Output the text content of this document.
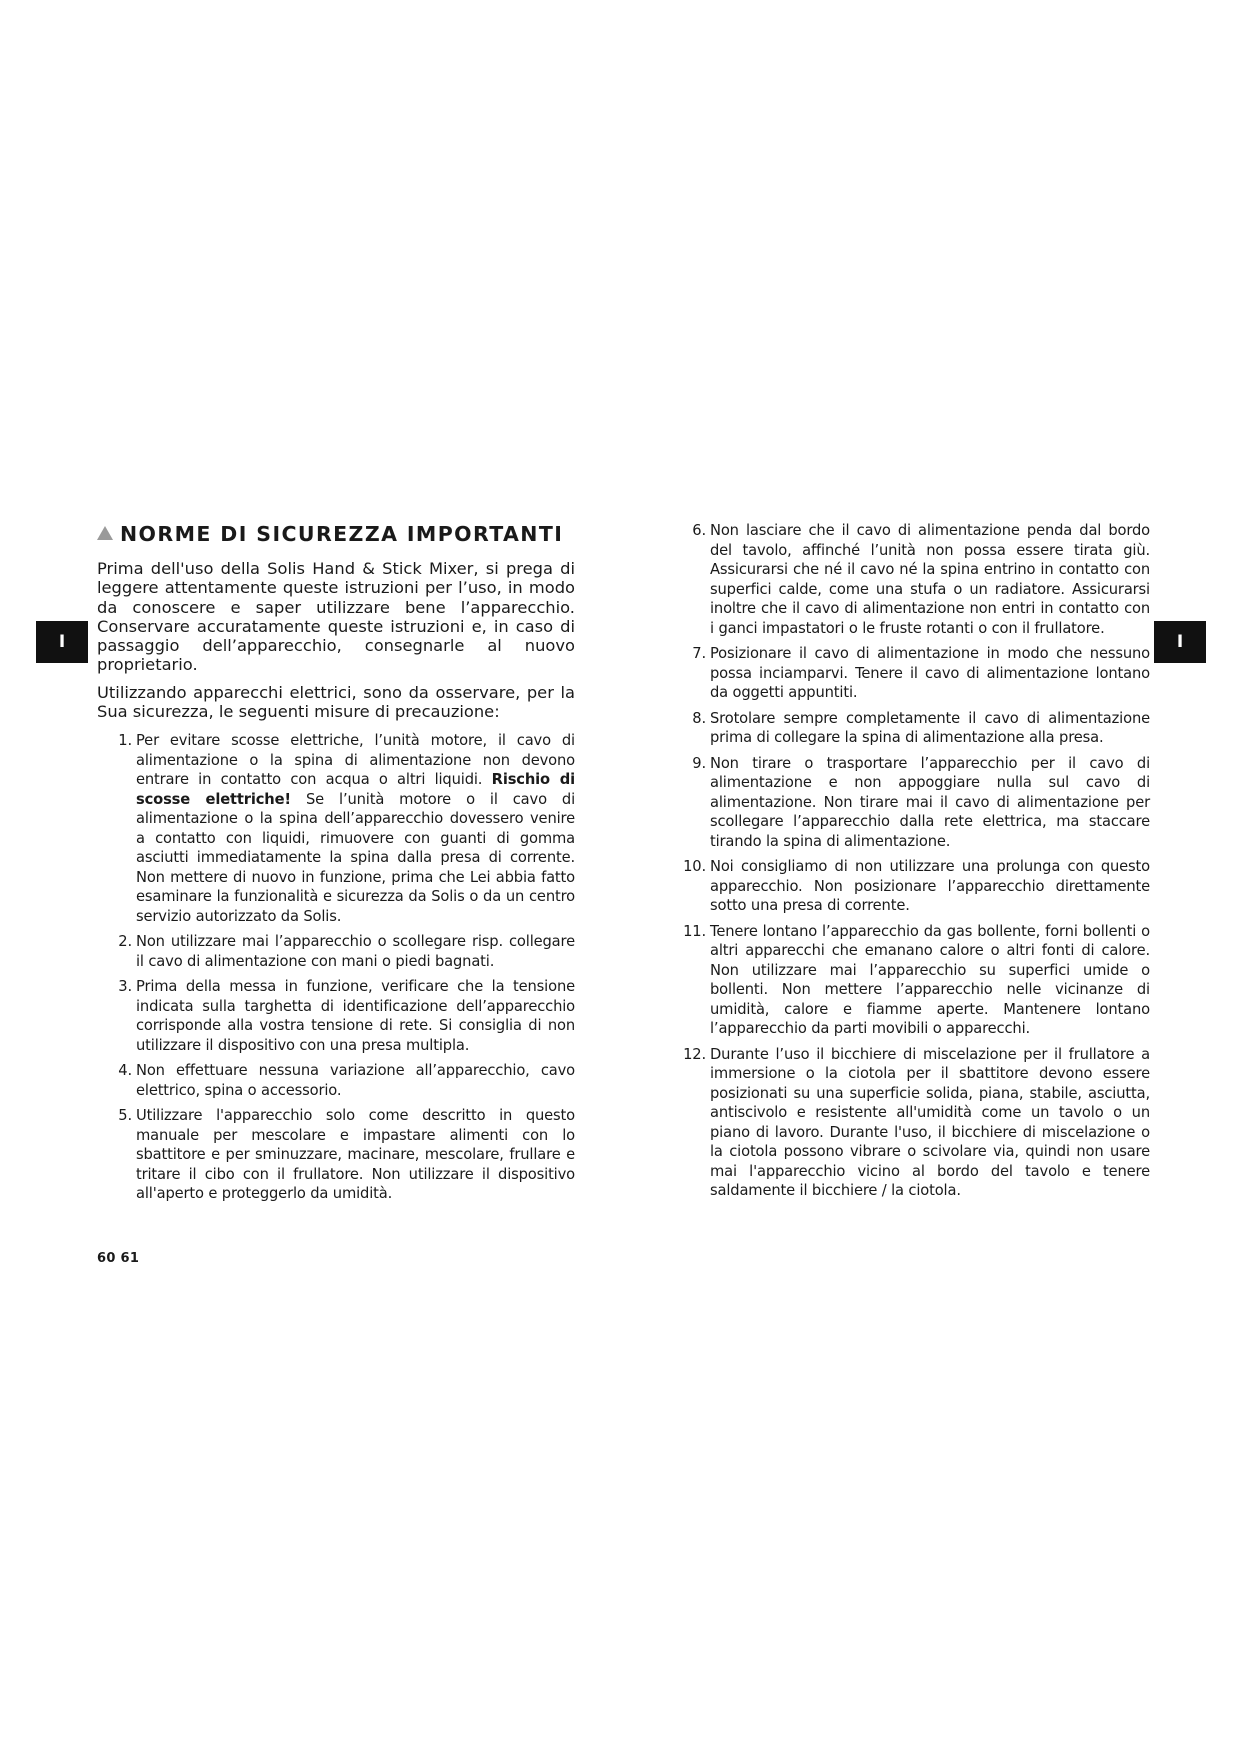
I	I
NORME DI SICUREZZA IMPORTANTI

Prima dell'uso della Solis Hand & Stick Mixer, si prega di leggere attentamente queste istruzioni per l’uso, in modo da conoscere e saper utilizzare bene l’apparecchio. Conservare accuratamente queste istruzioni e, in caso di passaggio dell’apparecchio, consegnarle al nuovo proprietario.

Utilizzando apparecchi elettrici, sono da osservare, per la Sua sicurezza, le seguenti misure di precauzione:

1. Per evitare scosse elettriche, l’unità motore, il cavo di alimentazione o la spina di alimentazione non devono entrare in contatto con acqua o altri liquidi. Rischio di scosse elettriche! Se l’unità motore o il cavo di alimentazione o la spina dell’apparecchio dovessero venire a contatto con liquidi, rimuovere con guanti di gomma asciutti immediatamente la spina dalla presa di corrente. Non mettere di nuovo in funzione, prima che Lei abbia fatto esaminare la funzionalità e sicurezza da Solis o da un centro servizio autorizzato da Solis.
2. Non utilizzare mai l’apparecchio o scollegare risp. collegare il cavo di alimentazione con mani o piedi bagnati.
3. Prima della messa in funzione, verificare che la tensione indicata sulla targhetta di identificazione dell’apparecchio corrisponde alla vostra tensione di rete. Si consiglia di non utilizzare il dispositivo con una presa multipla.
4. Non effettuare nessuna variazione all’apparecchio, cavo elettrico, spina o accessorio.
5. Utilizzare l'apparecchio solo come descritto in questo manuale per mescolare e impastare alimenti con lo sbattitore e per sminuzzare, macinare, mescolare, frullare e tritare il cibo con il frullatore. Non utilizzare il dispositivo all'aperto e proteggerlo da umidità.
6. Non lasciare che il cavo di alimentazione penda dal bordo del tavolo, affinché l’unità non possa essere tirata giù. Assicurarsi che né il cavo né la spina entrino in contatto con superfici calde, come una stufa o un radiatore. Assicurarsi inoltre che il cavo di alimentazione non entri in contatto con i ganci impastatori o le fruste rotanti o con il frullatore.
7. Posizionare il cavo di alimentazione in modo che nessuno possa inciamparvi. Tenere il cavo di alimentazione lontano da oggetti appuntiti.
8. Srotolare sempre completamente il cavo di alimentazione prima di collegare la spina di alimentazione alla presa.
9. Non tirare o trasportare l’apparecchio per il cavo di alimentazione e non appoggiare nulla sul cavo di alimentazione. Non tirare mai il cavo di alimentazione per scollegare l’apparecchio dalla rete elettrica, ma staccare tirando la spina di alimentazione.
10. Noi consigliamo di non utilizzare una prolunga con questo apparecchio. Non posizionare l’apparecchio direttamente sotto una presa di corrente.
11. Tenere lontano l’apparecchio da gas bollente, forni bollenti o altri apparecchi che emanano calore o altri fonti di calore. Non utilizzare mai l’apparecchio su superfici umide o bollenti. Non mettere l’apparecchio nelle vicinanze di umidità, calore e fiamme aperte. Mantenere lontano l’apparecchio da parti movibili o apparecchi.
12. Durante l’uso il bicchiere di miscelazione per il frullatore a immersione o la ciotola per il sbattitore devono essere posizionati su una superficie solida, piana, stabile, asciutta, antiscivolo e resistente all'umidità come un tavolo o un piano di lavoro. Durante l'uso, il bicchiere di miscelazione o la ciotola possono vibrare o scivolare via, quindi non usare mai l'apparecchio vicino al bordo del tavolo e tenere saldamente il bicchiere / la ciotola.
60 61
